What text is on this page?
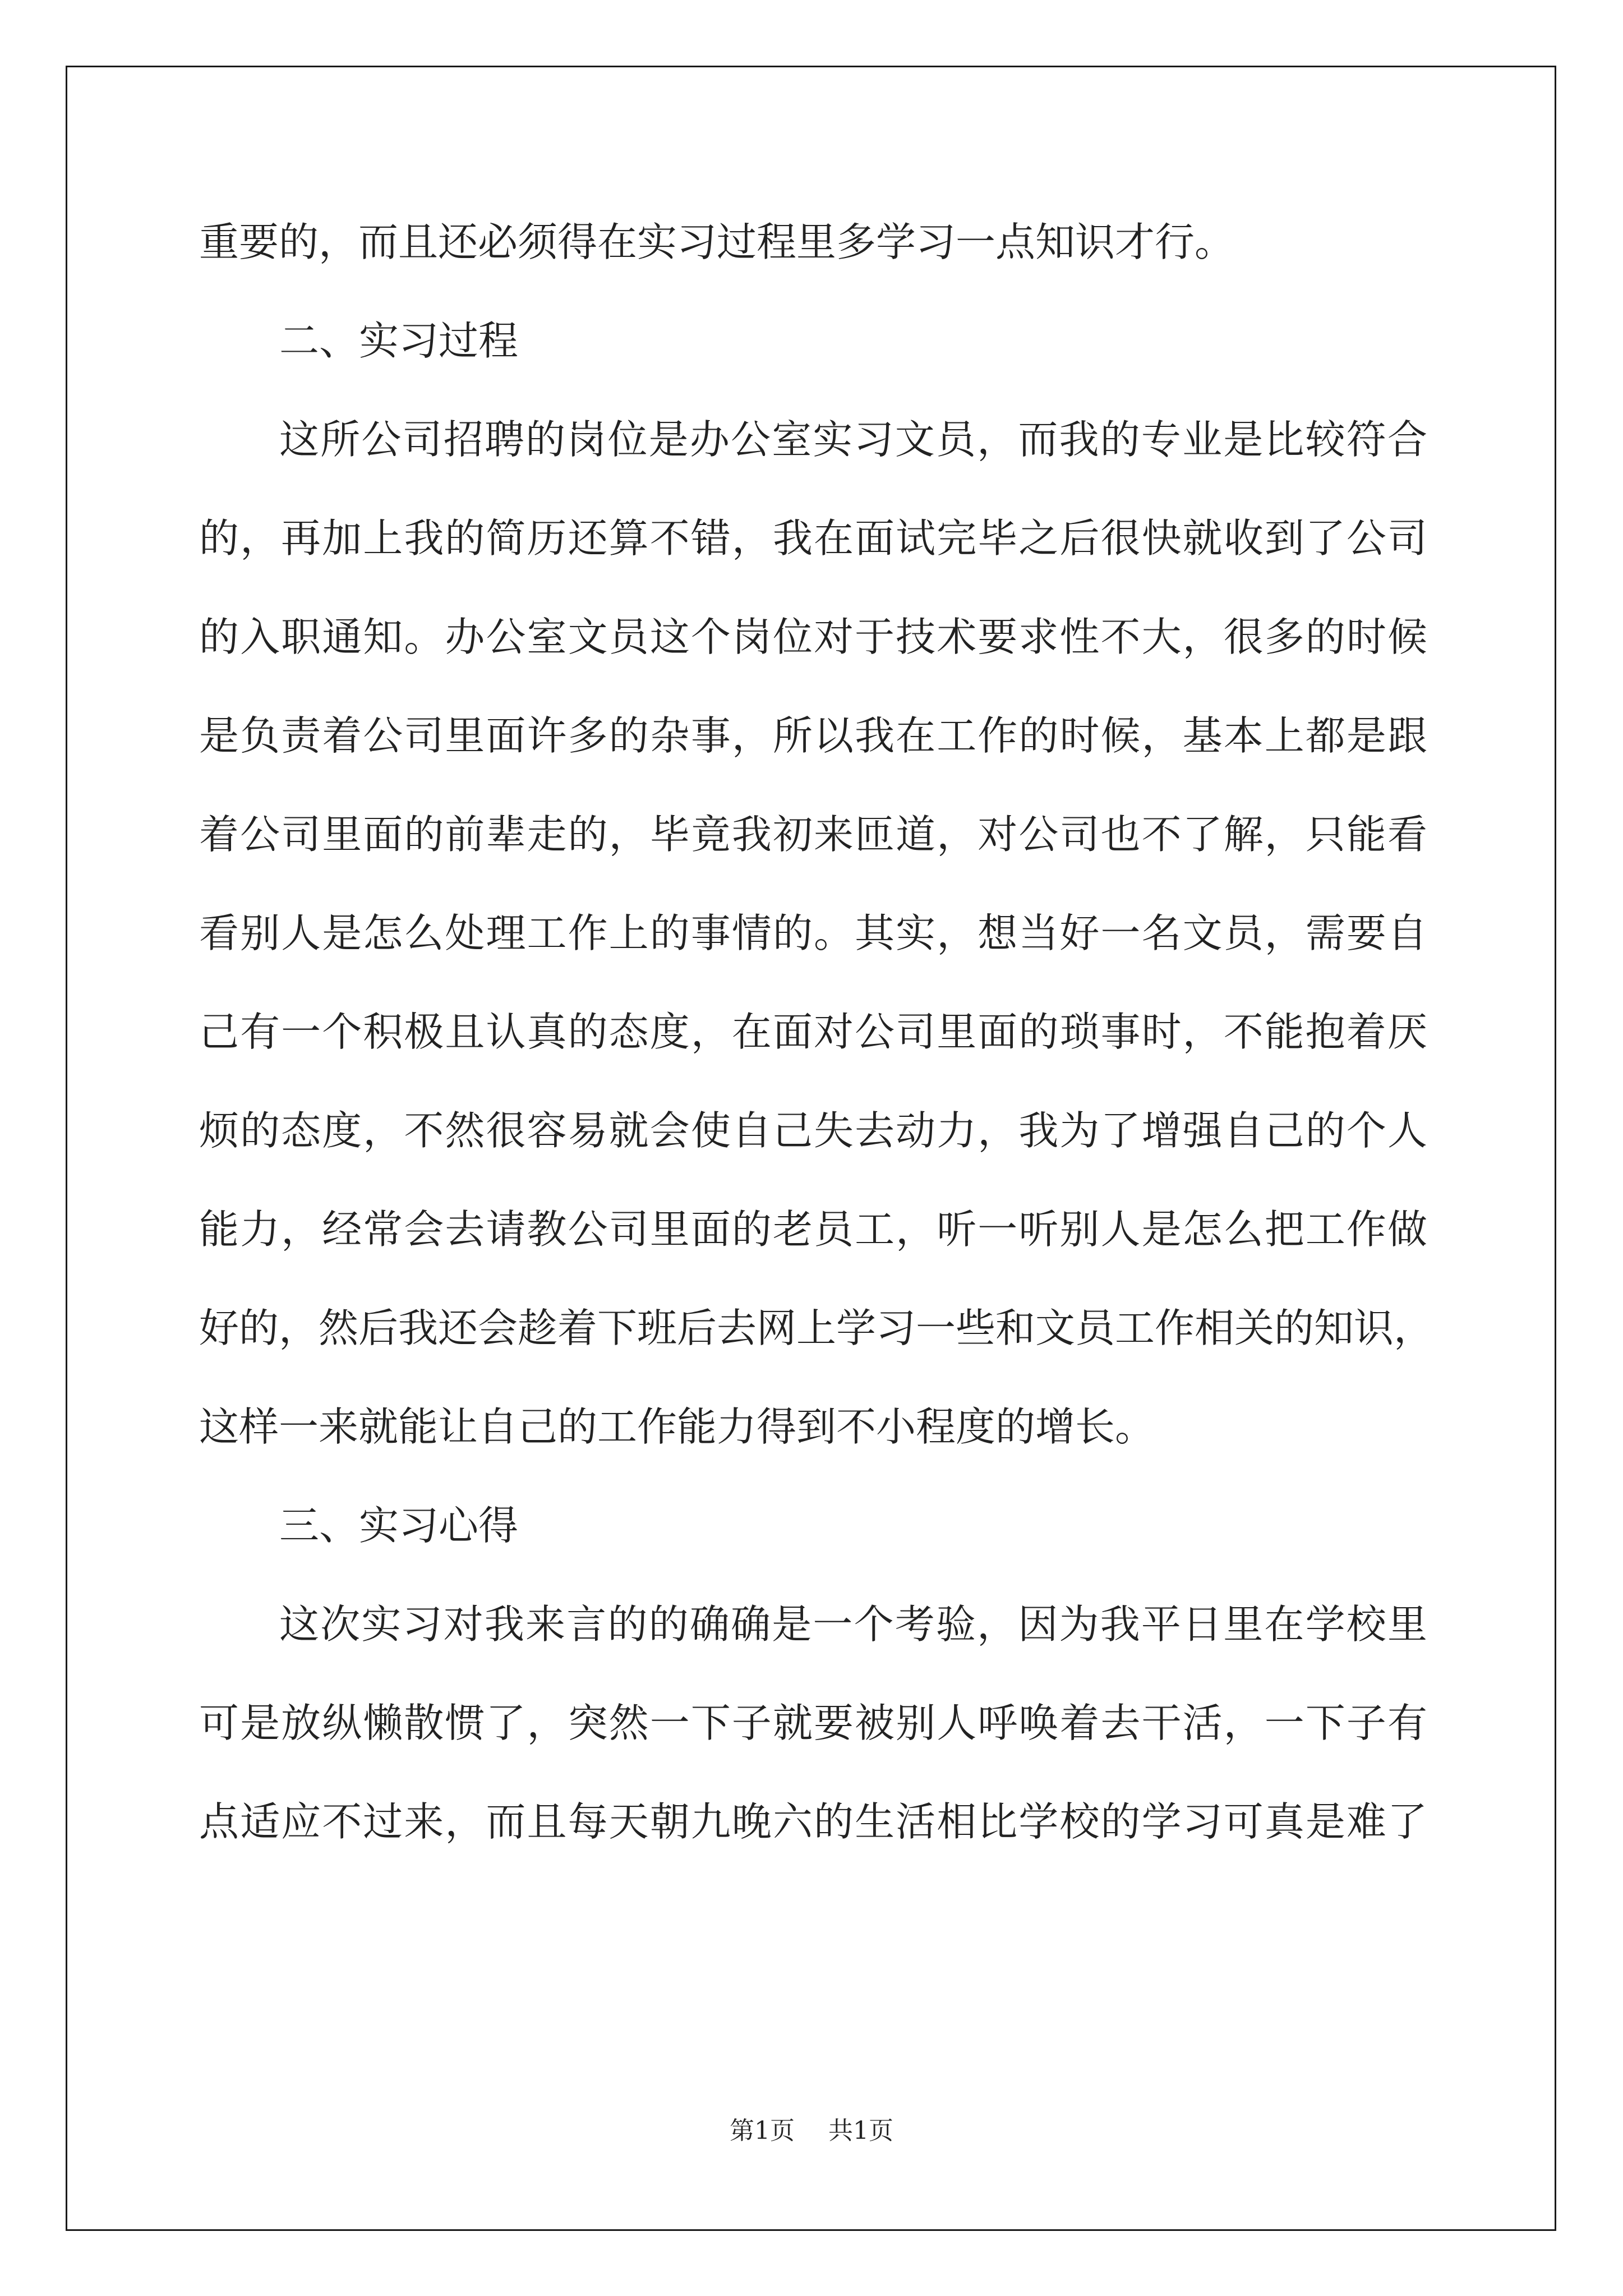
重要的，而且还必须得在实习过程里多学习一点知识才行。
二、实习过程
这所公司招聘的岗位是办公室实习文员，而我的专业是比较符合
的，再加上我的简历还算不错，我在面试完毕之后很快就收到了公司
的入职通知。办公室文员这个岗位对于技术要求性不大，很多的时候
是负责着公司里面许多的杂事，所以我在工作的时候，基本上都是跟
着公司里面的前辈走的，毕竟我初来匝道，对公司也不了解，只能看
看别人是怎么处理工作上的事情的。其实，想当好一名文员，需要自
己有一个积极且认真的态度，在面对公司里面的琐事时，不能抱着厌
烦的态度，不然很容易就会使自己失去动力，我为了增强自己的个人
能力，经常会去请教公司里面的老员工，听一听别人是怎么把工作做
好的，然后我还会趁着下班后去网上学习一些和文员工作相关的知识，
这样一来就能让自己的工作能力得到不小程度的增长。
三、实习心得
这次实习对我来言的的确确是一个考验，因为我平日里在学校里
可是放纵懒散惯了，突然一下子就要被别人呼唤着去干活，一下子有
点适应不过来，而且每天朝九晚六的生活相比学校的学习可真是难了
第1页 共1页
